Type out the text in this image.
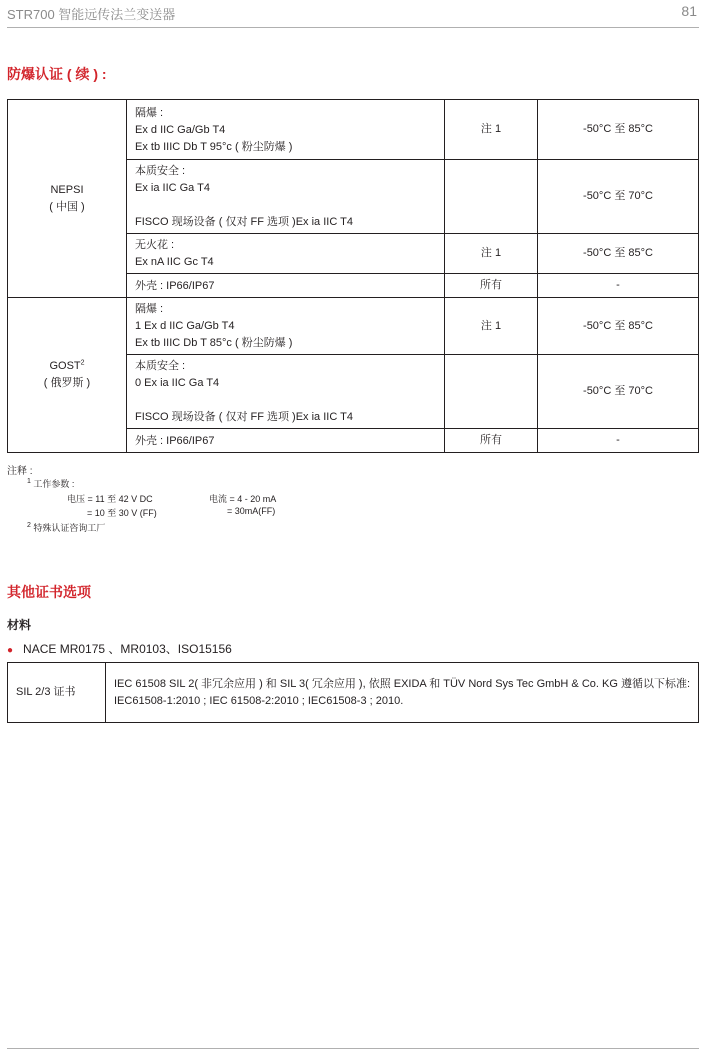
STR700 智能远传法兰变送器	81
防爆认证 ( 续 ) :
NEPSI
( 中国 )	隔爆 :
Ex d IIC Ga/Gb T4
Ex tb IIIC Db T 95°c ( 粉尘防爆 )	注 1	-50°C 至 85°C

	本质安全 :
Ex ia IIC Ga T4
FISCO 现场设备 ( 仅对 FF 选项 )Ex ia IIC T4		-50°C 至 70°C

	无火花 :
Ex nA IIC Gc T4	注 1	-50°C 至 85°C
	外壳 : IP66/IP67	所有	-

GOST$^2$
( 俄罗斯 )	隔爆 :
1 Ex d IIC Ga/Gb T4
Ex tb IIIC Db T 85°c ( 粉尘防爆 )	注 1	-50°C 至 85°C

	本质安全 :
0 Ex ia IIC Ga T4
FISCO 现场设备 ( 仅对 FF 选项 )Ex ia IIC T4		-50°C 至 70°C
	外壳 : IP66/IP67	所有	-
注释 :
$^1$ 工作参数 :
电压 = 11 至 42 V DC	电流 = 4 - 20 mA
= 10 至 30 V (FF)	= 30mA(FF)
$^2$ 特殊认证咨询工厂
其他证书选项
材料
● NACE MR0175 、MR0103、ISO15156
SIL 2/3 证书	
IEC 61508 SIL 2( 非冗余应用 ) 和 SIL 3( 冗余应用 ), 依照 EXIDA 和 TÜV Nord Sys Tec GmbH & Co. KG 遵循以下标准:
IEC61508-1:2010 ; IEC 61508-2:2010 ; IEC61508-3 ; 2010.
